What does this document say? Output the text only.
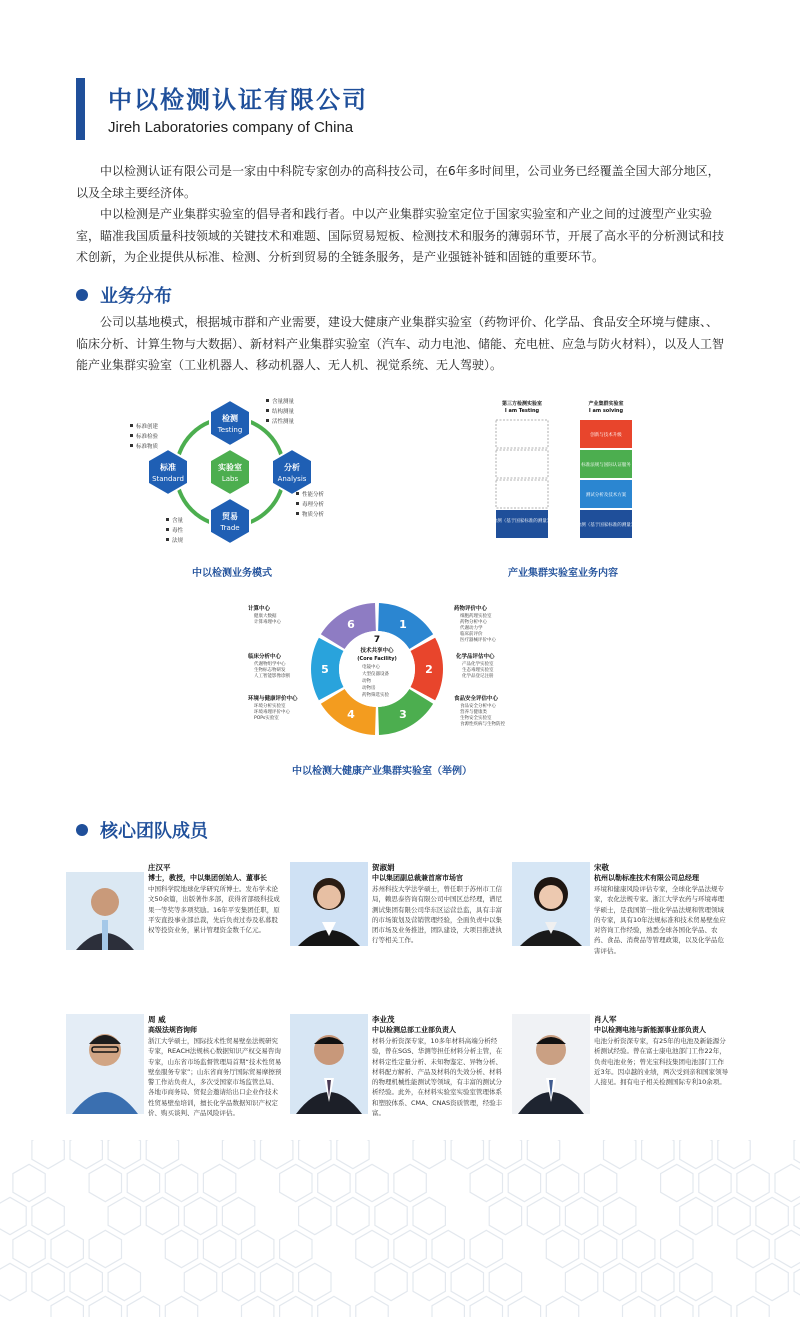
中以检测认证有限公司
Jireh Laboratories company of China
中以检测认证有限公司是一家由中科院专家创办的高科技公司，在6年多时间里，公司业务已经覆盖全国大部分地区，以及全球主要经济体。
中以检测是产业集群实验室的倡导者和践行者。中以产业集群实验室定位于国家实验室和产业之间的过渡型产业实验室，瞄准我国质量科技领域的关键技术和难题、国际贸易短板、检测技术和服务的薄弱环节，开展了高水平的分析测试和技术创新，为企业提供从标准、检测、分析到贸易的全链条服务，是产业强链补链和固链的重要环节。
业务分布
公司以基地模式，根据城市群和产业需要，建设大健康产业集群实验室（药物评价、化学品、食品安全环境与健康、、临床分析、计算生物与大数据）、新材料产业集群实验室（汽车、动力电池、储能、充电桩、应急与防火材料），以及人工智能产业集群实验室（工业机器人、移动机器人、无人机、视觉系统、无人驾驶）。
实验室
Labs
检测
Testing
标准
Standard
分析
Analysis
贸易
Trade
含量测量
结构测量
活性测量
标准创建
标准检验
标准物质
性能分析
毒理分析
物质分析
含量
毒性
法规
中以检测业务模式
第三方检测实验室
I am Testing
产业集群实验室
I am solving
检测（基于国家标准的测量）
创新与技术升级
标准法规与国际认证服务
测试分析及技术方案
检测（基于国家标准的测量）
产业集群实验室业务内容
1
2
3
4
5
6
7
技术共享中心
(Core Facility)
电镜中心
大型仪器设备
动物
动物房
药物筛选实验
药物评价中心
细胞药理实验室
药物分析中心
代谢动力学
临床前评价
医疗器械评价中心
化学品评估中心
产品化学实验室
生态毒理实验室
化学品登记注册
食品安全评估中心
食品安全分析中心
营养与健康类
生物安全实验室
食源性疾病与生物防控
计算中心
健康大数据
计算毒理中心
临床分析中心
代谢物组学中心
生物标志物研发
人工智能影像诊断
环境与健康评价中心
环境分析实验室
环境毒理评价中心
POPs实验室
中以检测大健康产业集群实验室（举例）
核心团队成员
庄汉平
博士，教授，中以集团创始人、董事长
中国科学院地球化学研究所博士。发布学术论文50余篇，出版著作多部，获得省部级科技成果一等奖等多项奖励。16年平安集团任职，原平安直投事业部总裁，先后负责过券及私募股权等投资业务，累计管理资金数千亿元。
贺淑娟
中以集团副总裁兼首席市场官
苏州科技大学法学硕士，曾任职于苏州市工信局，赖思泰咨询有限公司中国区总经理，谱尼测试集团有限公司华东区运营总监，具有丰富的市场策划及营销管理经验，全面负责中以集团市场及业务推进，团队建设，大项目推进执行等相关工作。
宋敬
杭州以勒标准技术有限公司总经理
环境和健康风险评估专家，全球化学品法规专家，农化法规专家。浙江大学农药与环境毒理学硕士，是我国第一批化学品法规和管理领域的专家，具有10年法规标准和技术贸易壁垒应对咨询工作经验，熟悉全球各国化学品、农药、食品、消费品等管理政策，以及化学品危害评估。
周 威
高级法规咨询师
浙江大学硕士，国际技术性贸易壁垒法规研究专家，REACH法规核心数据知识产权交易咨询专家，山东省市场监督管理局首期“技术性贸易壁垒服务专家”；山东省商务厅国际贸易摩擦预警工作站负责人，多次受国家市场监管总局、各地市商务局、贸促会邀请给出口企业作技术性贸易壁垒培训，擅长化学品数据知识产权定价、购买谈判、产品风险评估。
李业茂
中以检测总部工业部负责人
材料分析资深专家，10多年材料高端分析经验，曾在SGS、华测等担任材料分析主管，在材料定性定量分析、未知物鉴定、异物分析、材料配方解析、产品及材料的失效分析、材料的物理机械性能测试等领域，有丰富的测试分析经验。此外，在材料实验室实验室管理体系和塑胶体系、CMA、CNAS资质管理，经验丰富。
肖人军
中以检测电池与新能源事业部负责人
电池分析资深专家，有25年的电池及新能源分析测试经验。曾在富士康电池部门工作22年，负责电池业务；曾光宝科技集团电池部门工作近3年。因卓越的业绩，两次受到亲和国家领导人接见。拥有电子相关检测国际专利10余项。
